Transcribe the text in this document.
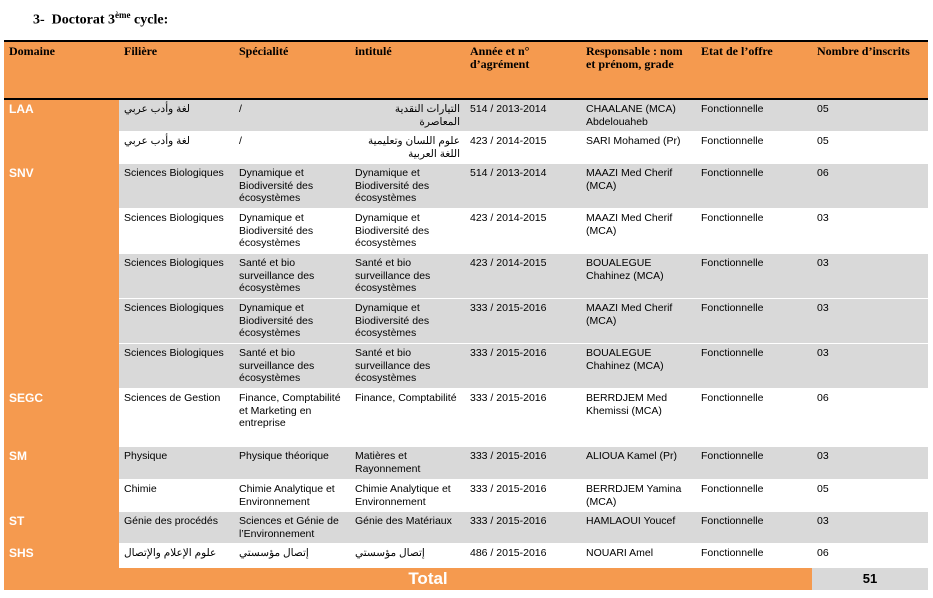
3- Doctorat 3ème cycle:
Domaine	Filière	Spécialité	intitulé	Année et n° d’agrément	Responsable : nom et prénom, grade	Etat de l’offre	Nombre d’inscrits
LAA	لغة وأدب عربي	/	التيارات النقدية المعاصرة	514 / 2013-2014	CHAALANE (MCA) Abdelouaheb	Fonctionnelle	05

	لغة وأدب عربي	/	علوم اللسان وتعليمية اللغة العربية	423 / 2014-2015	SARI Mohamed (Pr)	Fonctionnelle	05
SNV	Sciences Biologiques	Dynamique et Biodiversité des écosystèmes	Dynamique et Biodiversité des écosystèmes	514 / 2013-2014	MAAZI Med Cherif (MCA)	Fonctionnelle	06
	Sciences Biologiques	Dynamique et Biodiversité des écosystèmes	Dynamique et Biodiversité des écosystèmes	423 / 2014-2015	MAAZI Med Cherif (MCA)	Fonctionnelle	03
	Sciences Biologiques	Santé et bio surveillance des écosystèmes	Santé et bio surveillance des écosystèmes	423 / 2014-2015	BOUALEGUE Chahinez (MCA)	Fonctionnelle	03
	Sciences Biologiques	Dynamique et Biodiversité des écosystèmes	Dynamique et Biodiversité des écosystèmes	333 / 2015-2016	MAAZI Med Cherif (MCA)	Fonctionnelle	03
	Sciences Biologiques	Santé et bio surveillance des écosystèmes	Santé et bio surveillance des écosystèmes	333 / 2015-2016	BOUALEGUE Chahinez (MCA)	Fonctionnelle	03
SEGC	Sciences de Gestion	Finance, Comptabilité et Marketing en entreprise	Finance, Comptabilité	333 / 2015-2016	BERRDJEM Med Khemissi (MCA)	Fonctionnelle	06
SM	Physique	Physique théorique	Matières et Rayonnement	333 / 2015-2016	ALIOUA Kamel (Pr)	Fonctionnelle	03
	Chimie	Chimie Analytique et Environnement	Chimie Analytique et Environnement	333 / 2015-2016	BERRDJEM Yamina (MCA)	Fonctionnelle	05
ST	Génie des procédés	Sciences et Génie de l’Environnement	Génie des Matériaux	333 / 2015-2016	HAMLAOUI Youcef	Fonctionnelle	03
SHS	علوم الإعلام والإتصال	إتصال مؤسستي	إتصال مؤسستي	486 / 2015-2016	NOUARI Amel	Fonctionnelle	06
Total							51
